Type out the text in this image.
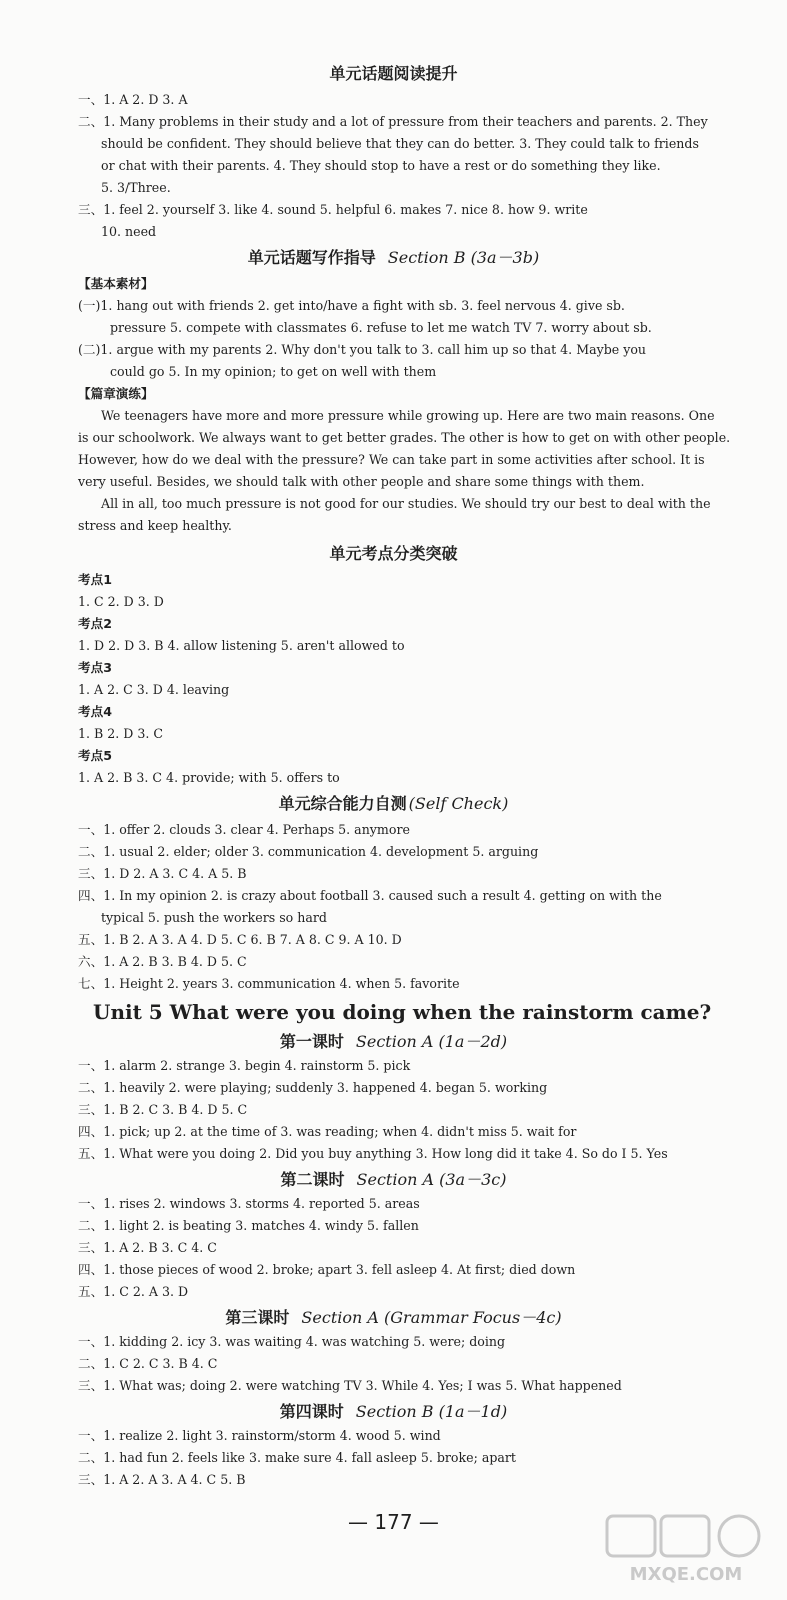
单元话题阅读提升
一、1. A 2. D 3. A
二、1. Many problems in their study and a lot of pressure from their teachers and parents. 2. They
should be confident. They should believe that they can do better. 3. They could talk to friends
or chat with their parents. 4. They should stop to have a rest or do something they like.
5. 3/Three.
三、1. feel 2. yourself 3. like 4. sound 5. helpful 6. makes 7. nice 8. how 9. write
10. need
单元话题写作指导 Section B (3a－3b)
【基本素材】
(一)1. hang out with friends 2. get into/have a fight with sb. 3. feel nervous 4. give sb.
pressure 5. compete with classmates 6. refuse to let me watch TV 7. worry about sb.
(二)1. argue with my parents 2. Why don't you talk to 3. call him up so that 4. Maybe you
could go 5. In my opinion; to get on well with them
【篇章演练】
We teenagers have more and more pressure while growing up. Here are two main reasons. One
is our schoolwork. We always want to get better grades. The other is how to get on with other people.
However, how do we deal with the pressure? We can take part in some activities after school. It is
very useful. Besides, we should talk with other people and share some things with them.
All in all, too much pressure is not good for our studies. We should try our best to deal with the
stress and keep healthy.
单元考点分类突破
考点1
1. C 2. D 3. D
考点2
1. D 2. D 3. B 4. allow listening 5. aren't allowed to
考点3
1. A 2. C 3. D 4. leaving
考点4
1. B 2. D 3. C
考点5
1. A 2. B 3. C 4. provide; with 5. offers to
单元综合能力自测 (Self Check)
一、1. offer 2. clouds 3. clear 4. Perhaps 5. anymore
二、1. usual 2. elder; older 3. communication 4. development 5. arguing
三、1. D 2. A 3. C 4. A 5. B
四、1. In my opinion 2. is crazy about football 3. caused such a result 4. getting on with the
typical 5. push the workers so hard
五、1. B 2. A 3. A 4. D 5. C 6. B 7. A 8. C 9. A 10. D
六、1. A 2. B 3. B 4. D 5. C
七、1. Height 2. years 3. communication 4. when 5. favorite
Unit 5 What were you doing when the rainstorm came?
第一课时 Section A (1a－2d)
一、1. alarm 2. strange 3. begin 4. rainstorm 5. pick
二、1. heavily 2. were playing; suddenly 3. happened 4. began 5. working
三、1. B 2. C 3. B 4. D 5. C
四、1. pick; up 2. at the time of 3. was reading; when 4. didn't miss 5. wait for
五、1. What were you doing 2. Did you buy anything 3. How long did it take 4. So do I 5. Yes
第二课时 Section A (3a－3c)
一、1. rises 2. windows 3. storms 4. reported 5. areas
二、1. light 2. is beating 3. matches 4. windy 5. fallen
三、1. A 2. B 3. C 4. C
四、1. those pieces of wood 2. broke; apart 3. fell asleep 4. At first; died down
五、1. C 2. A 3. D
第三课时 Section A (Grammar Focus－4c)
一、1. kidding 2. icy 3. was waiting 4. was watching 5. were; doing
二、1. C 2. C 3. B 4. C
三、1. What was; doing 2. were watching TV 3. While 4. Yes; I was 5. What happened
第四课时 Section B (1a－1d)
一、1. realize 2. light 3. rainstorm/storm 4. wood 5. wind
二、1. had fun 2. feels like 3. make sure 4. fall asleep 5. broke; apart
三、1. A 2. A 3. A 4. C 5. B
— 177 —
MXQE.COM
